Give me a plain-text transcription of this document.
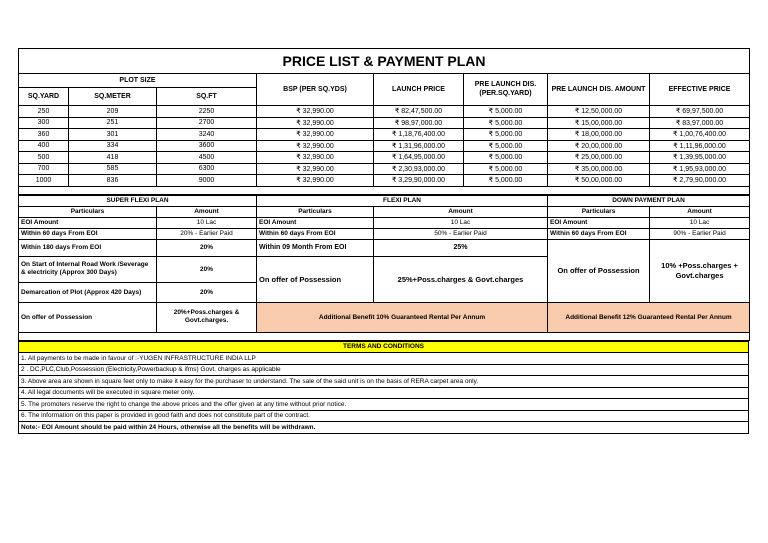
PRICE LIST & PAYMENT PLAN							
PLOT SIZE			BSP (PER SQ.YDS)	LAUNCH PRICE	PRE LAUNCH DIS.
(PER.SQ.YARD)	PRE LAUNCH DIS. AMOUNT	EFFECTIVE PRICE
SQ.YARD	SQ.METER	SQ.FT					
250	209	2250	₹ 32,990.00	₹ 82,47,500.00	₹ 5,000.00	₹ 12,50,000.00	₹ 69,97,500.00
300	251	2700	₹ 32,990.00	₹ 98,97,000.00	₹ 5,000.00	₹ 15,00,000.00	₹ 83,97,000.00
360	301	3240	₹ 32,990.00	₹ 1,18,76,400.00	₹ 5,000.00	₹ 18,00,000.00	₹ 1,00,76,400.00
400	334	3600	₹ 32,990.00	₹ 1,31,96,000.00	₹ 5,000.00	₹ 20,00,000.00	₹ 1,11,96,000.00
500	418	4500	₹ 32,990.00	₹ 1,64,95,000.00	₹ 5,000.00	₹ 25,00,000.00	₹ 1,39,95,000.00
700	585	6300	₹ 32,990.00	₹ 2,30,93,000.00	₹ 5,000.00	₹ 35,00,000.00	₹ 1,95,93,000.00
1000	836	9000	₹ 32,990.00	₹ 3,29,90,000.00	₹ 5,000.00	₹ 50,00,000.00	₹ 2,79,90,000.00

SUPER FLEXI PLAN		FLEXI PLAN		DOWN PAYMENT PLAN	
Particulars	Amount	Particulars	Amount	Particulars	Amount
EOI Amount	10 Lac	EOI Amount	10 Lac	EOI Amount	10 Lac
Within 60 days From EOI	20% - Earlier Paid	Within 60 days From EOI	50% - Earlier Paid	Within 60 days From EOI	90% - Earlier Paid
Within 180 days From EOI	20%	Within 09 Month From EOI	25%	On offer of Possession	10% +Poss.charges + Govt.charges
On Start of Internal Road Work /Severage & electricity (Approx 300 Days)	20%	On offer of Possession	25%+Poss.charges & Govt.charges		
Demarcation of Plot (Approx 420 Days)	20%				
On offer of Possession	20%+Poss.charges & Govt.charges.	Additional Benefit 10% Guaranteed Rental Per Annum		Additional Benefit 12% Guaranteed Rental Per Annum	

TERMS AND CONDITIONS
1. All payments to be made in favour of :-YUGEN INFRASTRUCTURE INDIA LLP
2 . DC,PLC,Club,Possession (Electricity,Powerbackup & ifms) Govt. charges as applicable
3. Above area are shown in square feet only to make it easy for the purchaser to understand. The sale of the said unit is on the basis of RERA carpet area only.
4. All legal documents will be executed in square meter only.
5. The promoters reserve the right to change the above prices and the offer given at any time without prior notice.
6. The information on this paper is provided in good faith and does not constitute part of the contract.
Note:- EOI Amount should be paid within 24 Hours, otherwise all the benefits will be withdrawn.
